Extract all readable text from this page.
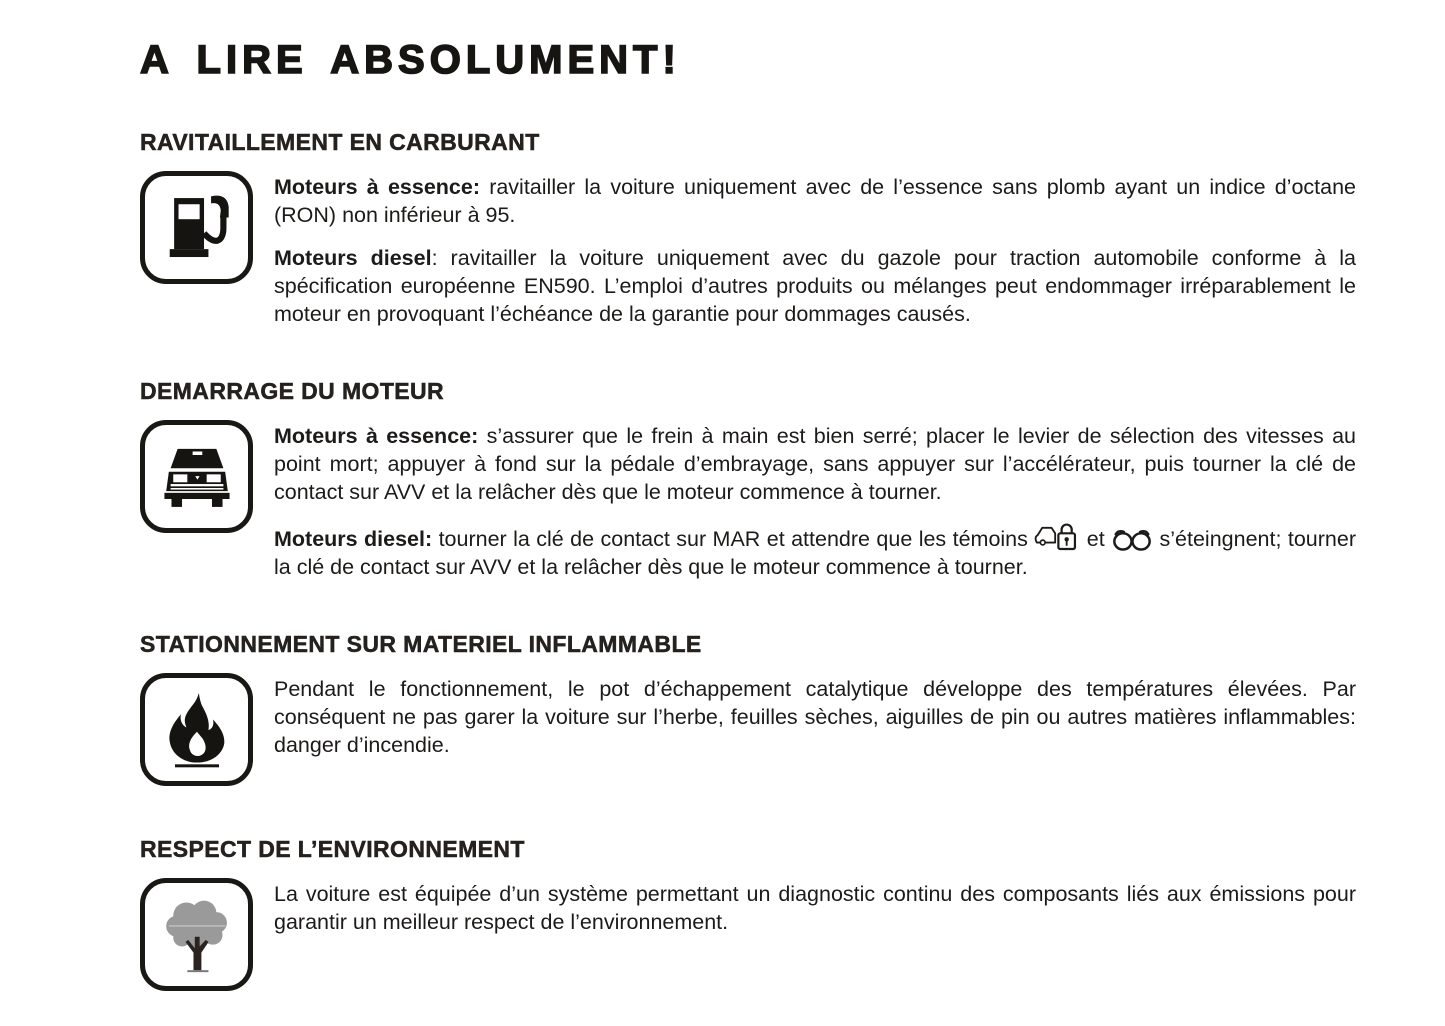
A LIRE ABSOLUMENT!
RAVITAILLEMENT EN CARBURANT

Moteurs à essence: ravitailler la voiture uniquement avec de l’essence sans plomb ayant un indice d’octane (RON) non inférieur à 95.

Moteurs diesel: ravitailler la voiture uniquement avec du gazole pour traction automobile conforme à la spécification européenne EN590. L’emploi d’autres produits ou mélanges peut endommager irréparablement le moteur en provoquant l’échéance de la garantie pour dommages causés.

DEMARRAGE DU MOTEUR

Moteurs à essence: s’assurer que le frein à main est bien serré; placer le levier de sélection des vitesses au point mort; appuyer à fond sur la pédale d’embrayage, sans appuyer sur l’accélérateur, puis tourner la clé de contact sur AVV et la relâcher dès que le moteur commence à tourner.

Moteurs diesel: tourner la clé de contact sur MAR et attendre que les témoins  et  s’éteingnent; tourner la clé de contact sur AVV et la relâcher dès que le moteur commence à tourner.

STATIONNEMENT SUR MATERIEL INFLAMMABLE

Pendant le fonctionnement, le pot d’échappement catalytique développe des températures élevées. Par conséquent ne pas garer la voiture sur l’herbe, feuilles sèches, aiguilles de pin ou autres matières inflammables: danger d’incendie.

RESPECT DE L’ENVIRONNEMENT

La voiture est équipée d’un système permettant un diagnostic continu des composants liés aux émissions pour garantir un meilleur respect de l’environnement.
